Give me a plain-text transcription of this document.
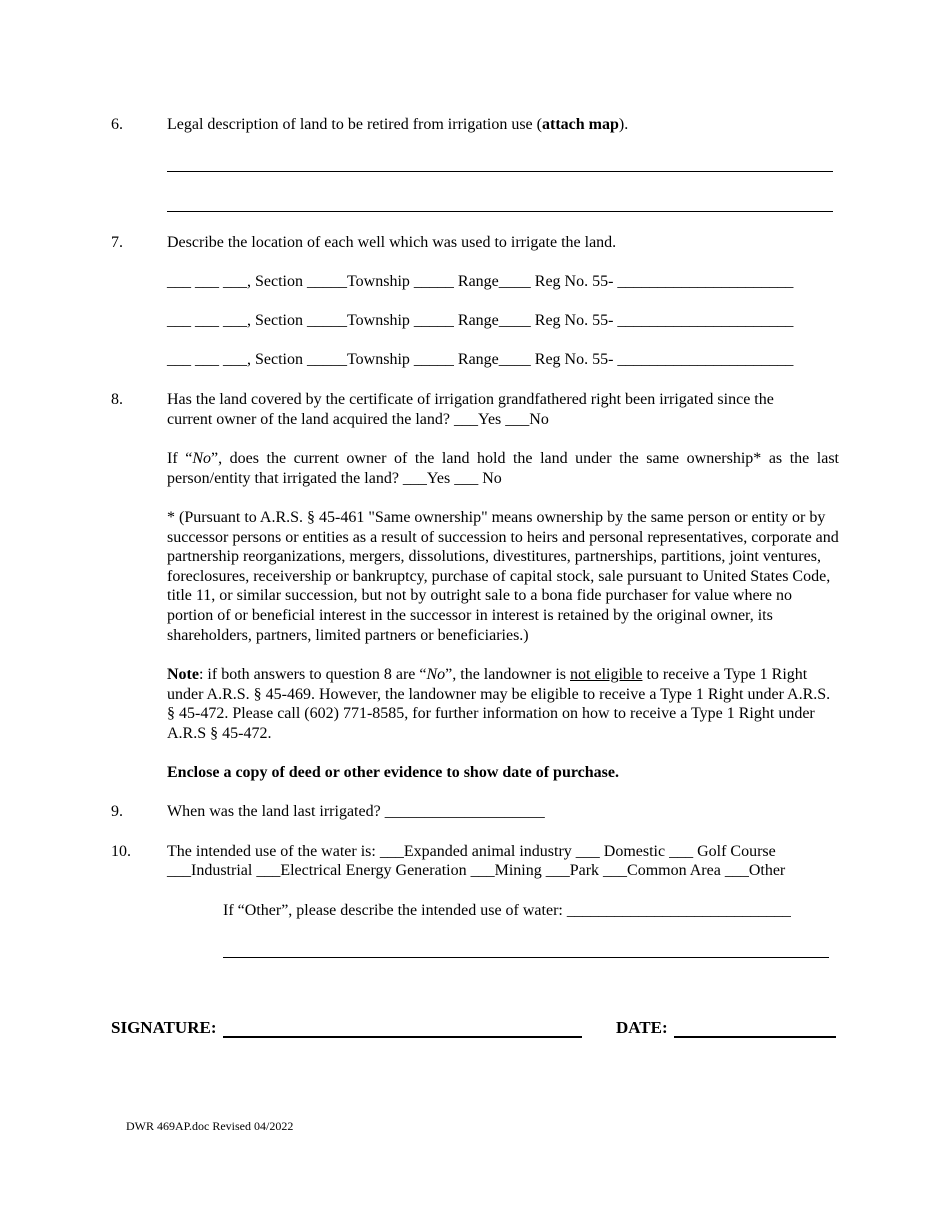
6.	Legal description of land to be retired from irrigation use (attach map).
7.	Describe the location of each well which was used to irrigate the land.
___ ___ ___, Section _____Township _____ Range____ Reg No. 55- ______________________
___ ___ ___, Section _____Township _____ Range____ Reg No. 55- ______________________
___ ___ ___, Section _____Township _____ Range____ Reg No. 55- ______________________
8.	Has the land covered by the certificate of irrigation grandfathered right been irrigated since the
current owner of the land acquired the land? ___Yes ___No
If “No”, does the current owner of the land hold the land under the same ownership* as the last person/entity that irrigated the land? ___Yes ___ No
* (Pursuant to A.R.S. § 45-461 "Same ownership" means ownership by the same person or entity or by successor persons or entities as a result of succession to heirs and personal representatives, corporate and partnership reorganizations, mergers, dissolutions, divestitures, partnerships, partitions, joint ventures, foreclosures, receivership or bankruptcy, purchase of capital stock, sale pursuant to United States Code, title 11, or similar succession, but not by outright sale to a bona fide purchaser for value where no portion of or beneficial interest in the successor in interest is retained by the original owner, its shareholders, partners, limited partners or beneficiaries.)
Note: if both answers to question 8 are “No”, the landowner is not eligible to receive a Type 1 Right under A.R.S. § 45-469. However, the landowner may be eligible to receive a Type 1 Right under A.R.S. § 45-472. Please call (602) 771-8585, for further information on how to receive a Type 1 Right under A.R.S § 45-472.
Enclose a copy of deed or other evidence to show date of purchase.
9.	When was the land last irrigated? ____________________
10. The intended use of the water is: ___Expanded animal industry ___ Domestic ___ Golf Course
___Industrial ___Electrical Energy Generation ___Mining ___Park ___Common Area ___Other
If “Other”, please describe the intended use of water: ____________________________
SIGNATURE:	DATE:
DWR 469AP.doc Revised 04/2022
